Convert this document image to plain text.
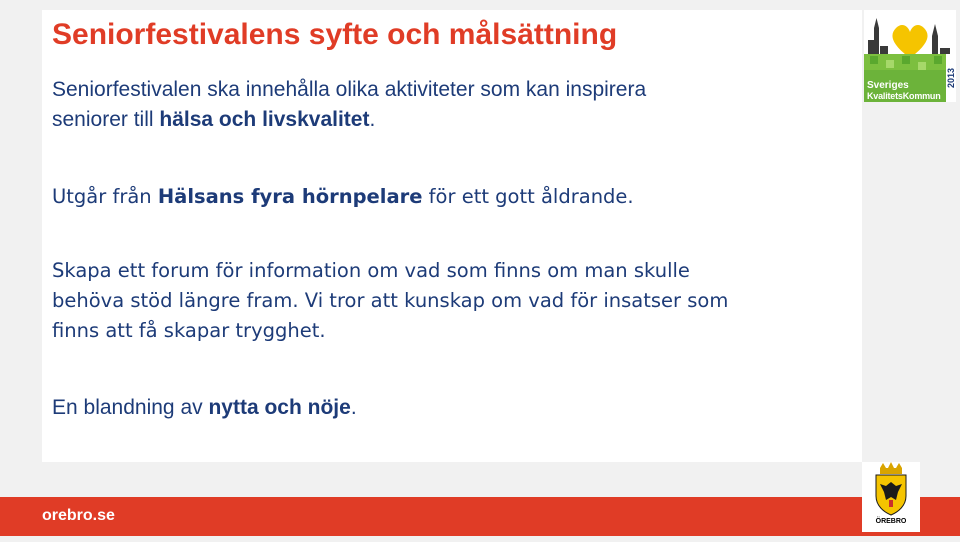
Seniorfestivalens syfte och målsättning
Seniorfestivalen ska innehålla olika aktiviteter som kan inspirera
seniorer till hälsa och livskvalitet.
Utgår från Hälsans fyra hörnpelare för ett gott åldrande.
Skapa ett forum för information om vad som finns om man skulle
behöva stöd längre fram. Vi tror att kunskap om vad för insatser som
finns att få skapar trygghet.
En blandning av nytta och nöje.
Sveriges
KvalitetsKommun
2013
orebro.se	ÖREBRO
